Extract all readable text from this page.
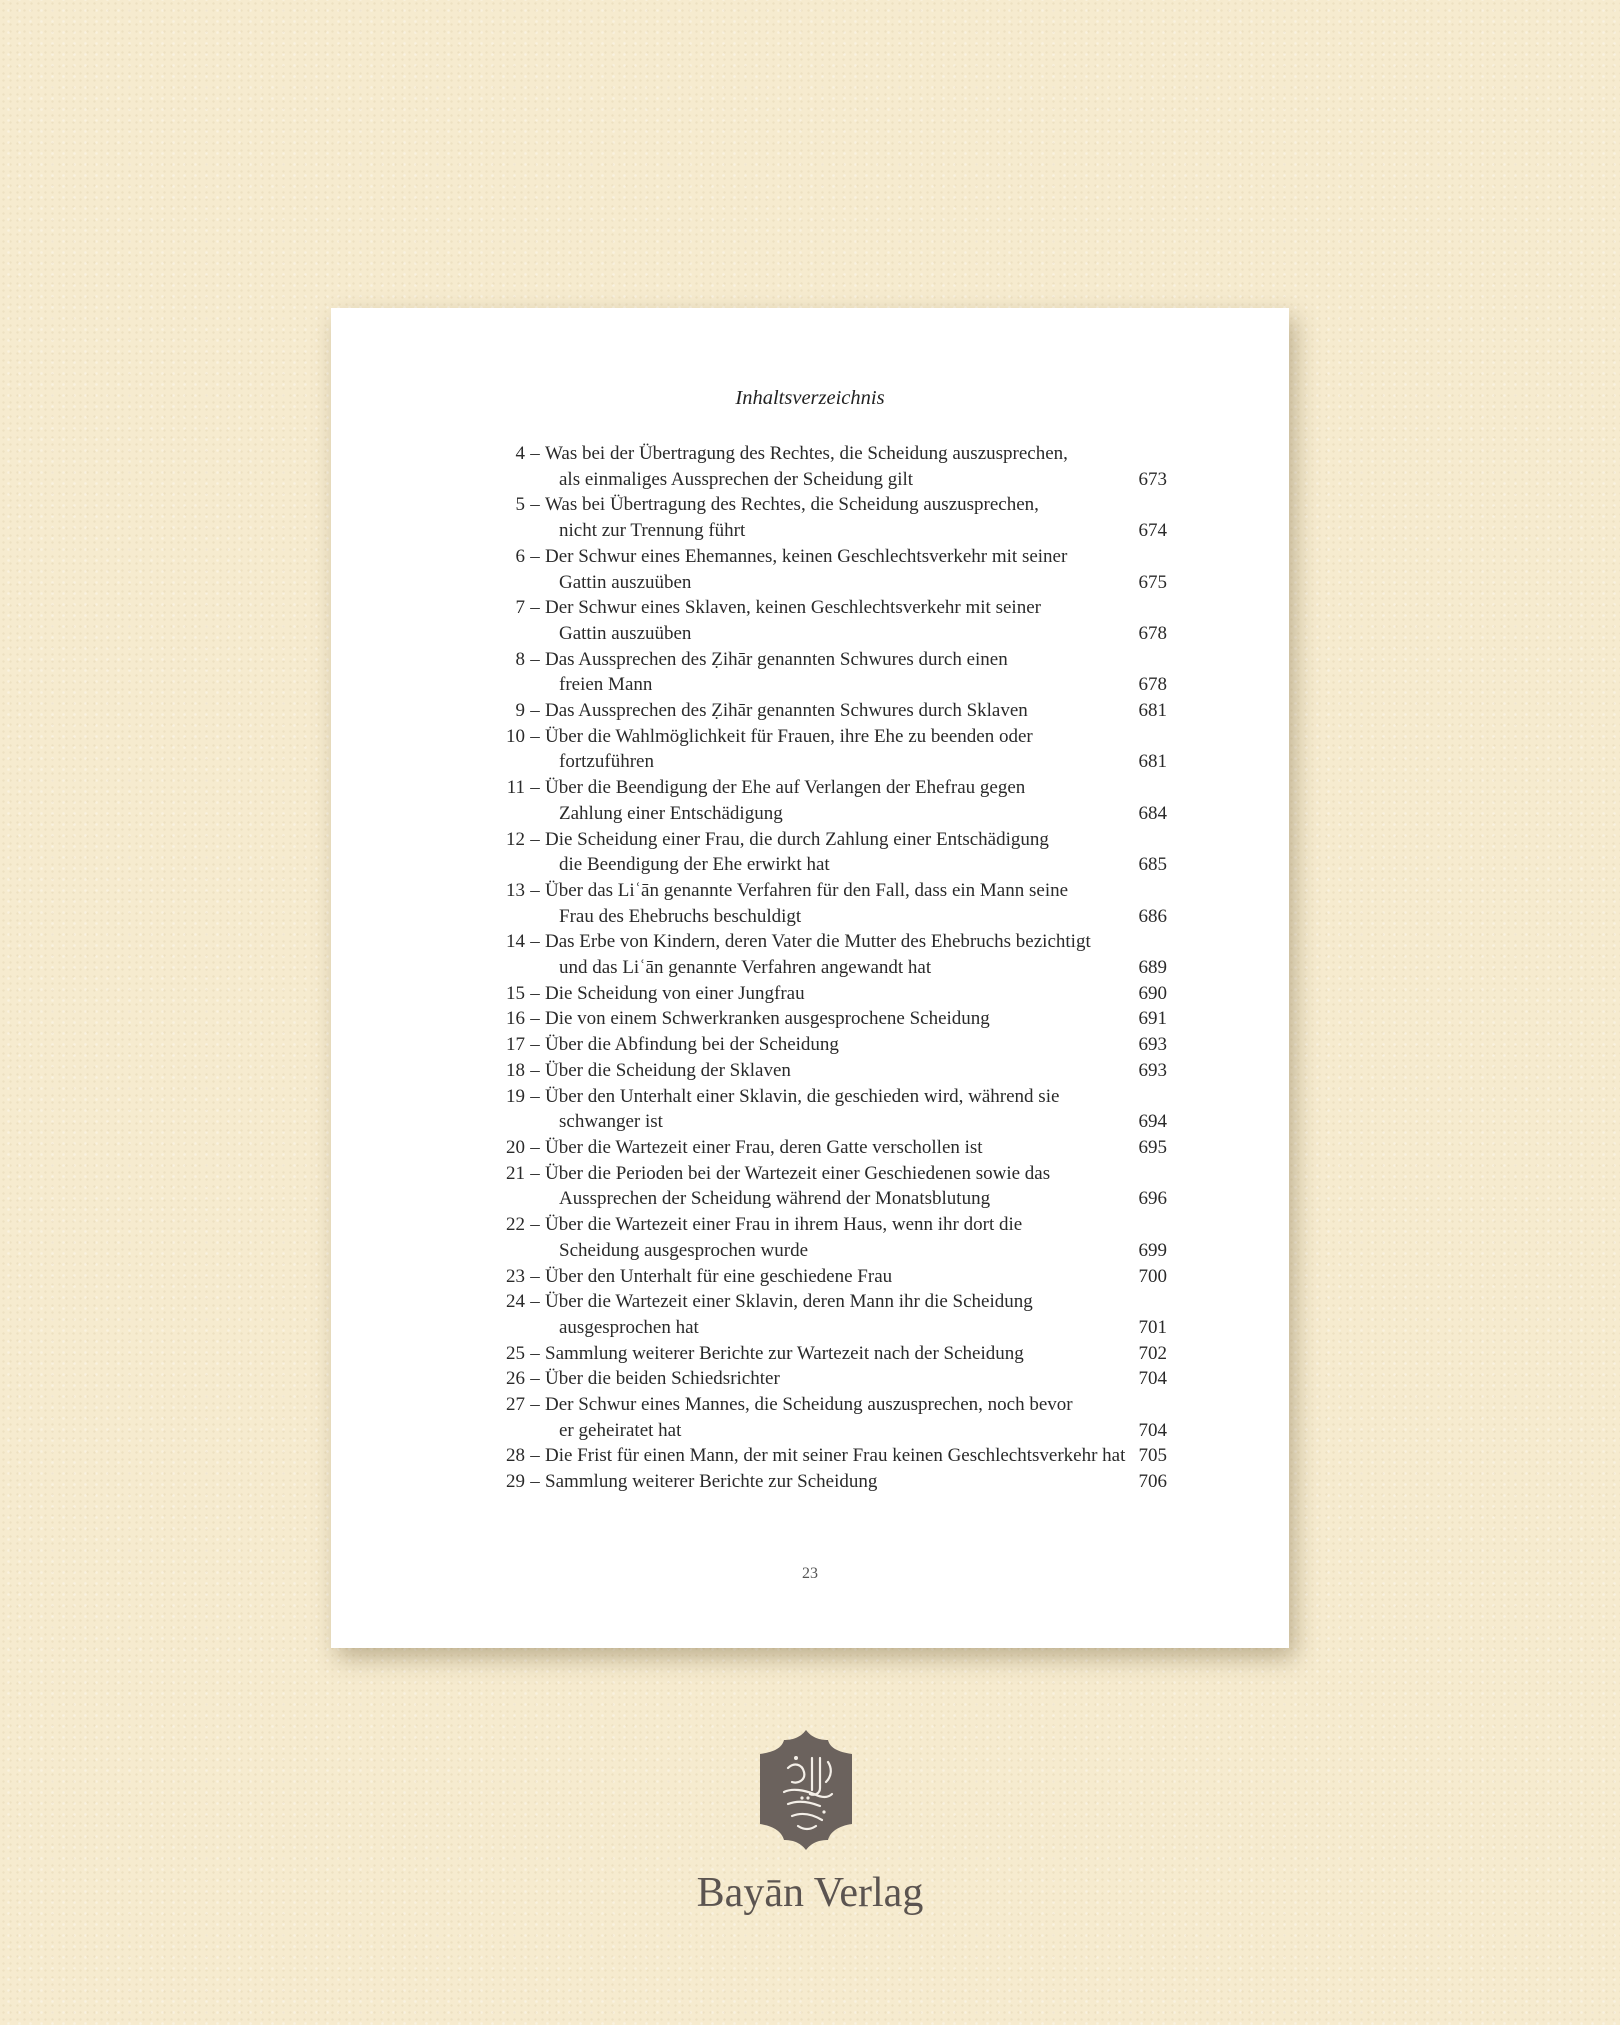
Inhaltsverzeichnis
4 – Was bei der Übertragung des Rechtes, die Scheidung auszusprechen,
als einmaliges Aussprechen der Scheidung gilt	673
5 – Was bei Übertragung des Rechtes, die Scheidung auszusprechen,
nicht zur Trennung führt	674
6 – Der Schwur eines Ehemannes, keinen Geschlechtsverkehr mit seiner
Gattin auszuüben	675
7 – Der Schwur eines Sklaven, keinen Geschlechtsverkehr mit seiner
Gattin auszuüben	678
8 – Das Aussprechen des Ẓihār genannten Schwures durch einen
freien Mann	678
9 – Das Aussprechen des Ẓihār genannten Schwures durch Sklaven	681
10 – Über die Wahlmöglichkeit für Frauen, ihre Ehe zu beenden oder
fortzuführen	681
11 – Über die Beendigung der Ehe auf Verlangen der Ehefrau gegen
Zahlung einer Entschädigung	684
12 – Die Scheidung einer Frau, die durch Zahlung einer Entschädigung
die Beendigung der Ehe erwirkt hat	685
13 – Über das Liʿān genannte Verfahren für den Fall, dass ein Mann seine
Frau des Ehebruchs beschuldigt	686
14 – Das Erbe von Kindern, deren Vater die Mutter des Ehebruchs bezichtigt
und das Liʿān genannte Verfahren angewandt hat	689
15 – Die Scheidung von einer Jungfrau	690
16 – Die von einem Schwerkranken ausgesprochene Scheidung	691
17 – Über die Abfindung bei der Scheidung	693
18 – Über die Scheidung der Sklaven	693
19 – Über den Unterhalt einer Sklavin, die geschieden wird, während sie
schwanger ist	694
20 – Über die Wartezeit einer Frau, deren Gatte verschollen ist	695
21 – Über die Perioden bei der Wartezeit einer Geschiedenen sowie das
Aussprechen der Scheidung während der Monatsblutung	696
22 – Über die Wartezeit einer Frau in ihrem Haus, wenn ihr dort die
Scheidung ausgesprochen wurde	699
23 – Über den Unterhalt für eine geschiedene Frau	700
24 – Über die Wartezeit einer Sklavin, deren Mann ihr die Scheidung
ausgesprochen hat	701
25 – Sammlung weiterer Berichte zur Wartezeit nach der Scheidung	702
26 – Über die beiden Schiedsrichter	704
27 – Der Schwur eines Mannes, die Scheidung auszusprechen, noch bevor
er geheiratet hat	704
28 – Die Frist für einen Mann, der mit seiner Frau keinen Geschlechtsverkehr hat 705
29 – Sammlung weiterer Berichte zur Scheidung	706
23
Bayān Verlag
